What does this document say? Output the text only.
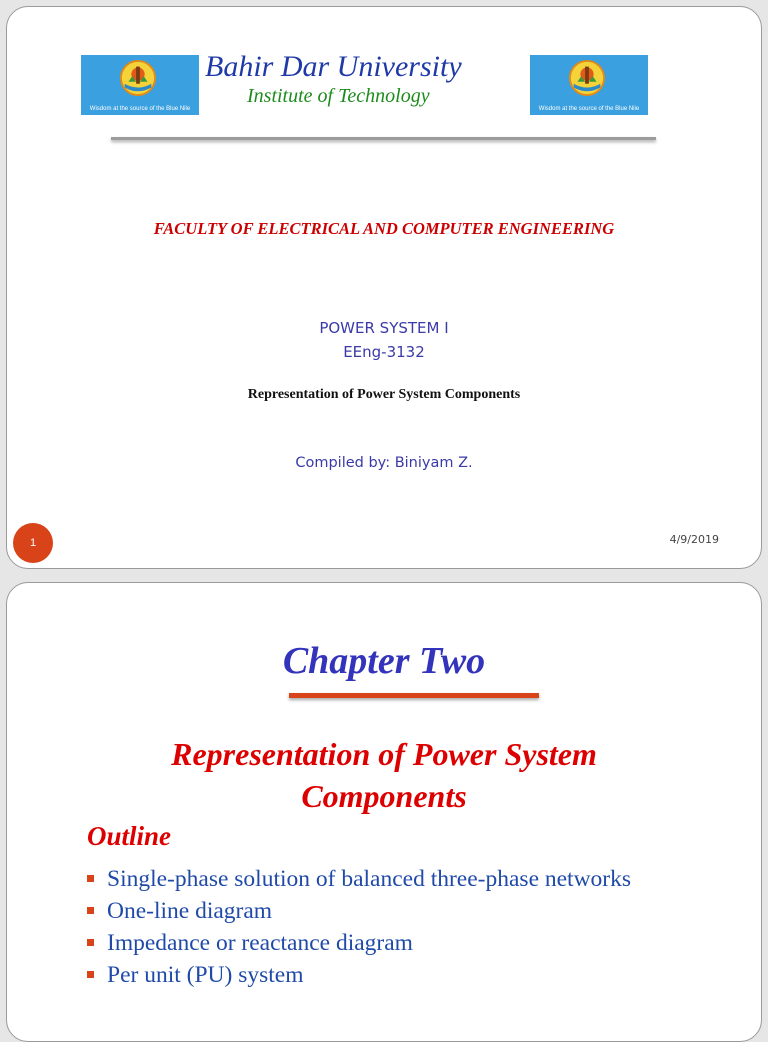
Wisdom at the source of the Blue Nile
Bahir Dar University
Institute of Technology
Wisdom at the source of the Blue Nile
FACULTY OF ELECTRICAL AND COMPUTER ENGINEERING
POWER SYSTEM I
EEng-3132
Representation of Power System Components
Compiled by: Biniyam Z.
1	4/9/2019
Chapter Two
Representation of Power System
Components
Outline
Single-phase solution of balanced three-phase networks
One-line diagram
Impedance or reactance diagram
Per unit (PU) system
